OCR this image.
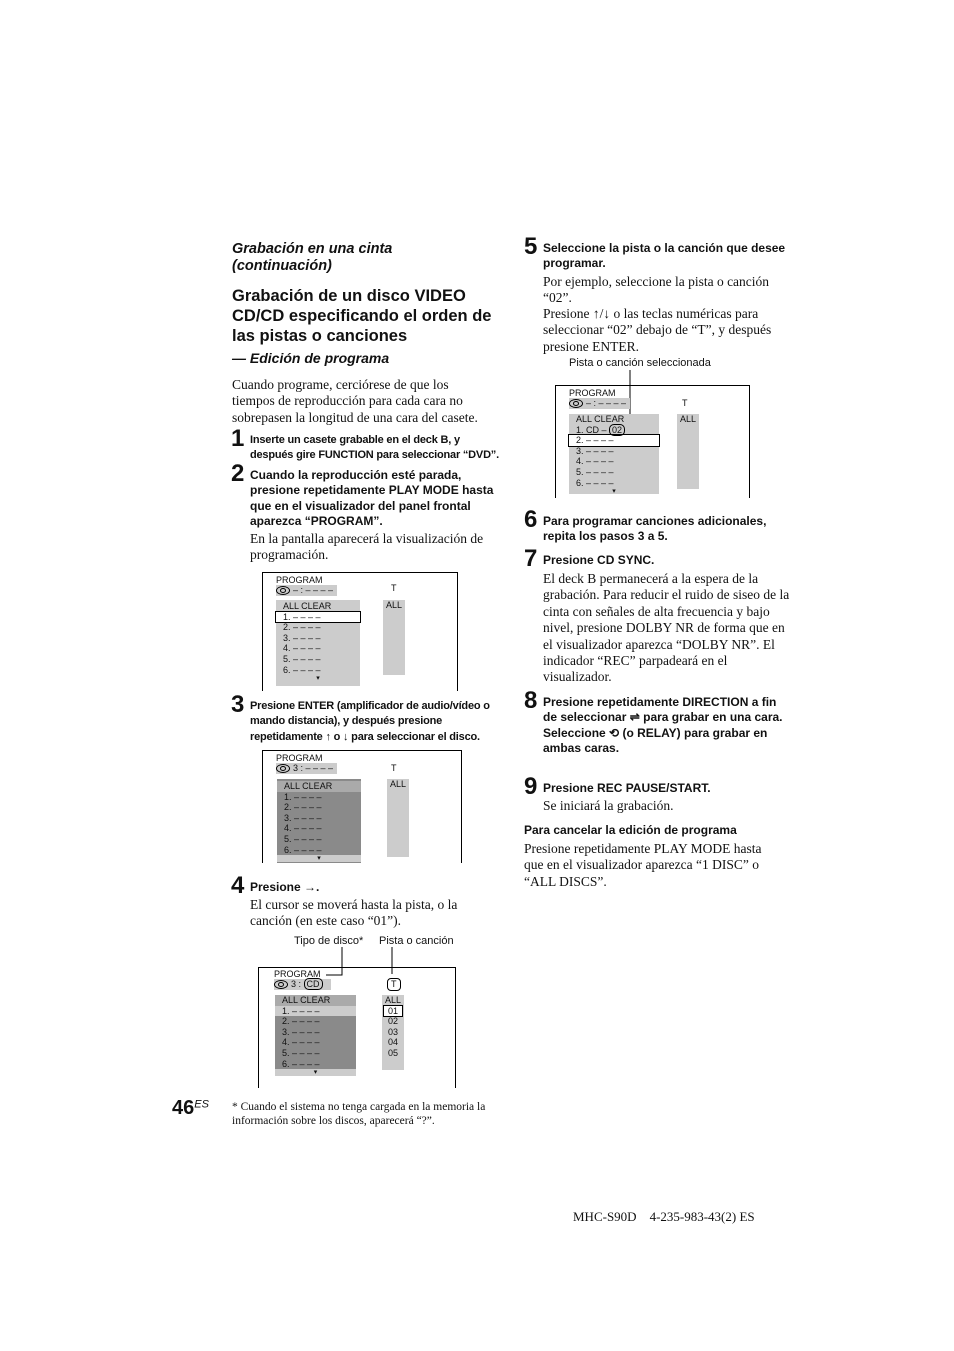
Grabación en una cinta (continuación)
Grabación de un disco VIDEO CD/CD especificando el orden de las pistas o canciones
— Edición de programa
Cuando programe, cerciórese de que los tiempos de reproducción para cada cara no sobrepasen la longitud de una cara del casete.
1 Inserte un casete grabable en el deck B, y después gire FUNCTION para seleccionar “DVD”.
2 Cuando la reproducción esté parada, presione repetidamente PLAY MODE hasta que en el visualizador del panel frontal aparezca “PROGRAM”.
En la pantalla aparecerá la visualización de programación.
PROGRAM
– : – – – –	T
ALL CLEAR
1. – – – –
2. – – – –
3. – – – –
4. – – – –
5. – – – –
6. – – – –
▾
ALL
3 Presione ENTER (amplificador de audio/vídeo o mando distancia), y después presione repetidamente ↑ o ↓ para seleccionar el disco.
PROGRAM
3 : – – – –	T
ALL CLEAR
1. – – – –
2. – – – –
3. – – – –
4. – – – –
5. – – – –
6. – – – –
▾
ALL
4 Presione →.
El cursor se moverá hasta la pista, o la canción (en este caso “01”).
Tipo de disco* Pista o canción
PROGRAM
3 : CD	T
ALL CLEAR
1. – – – –
2. – – – –
3. – – – –
4. – – – –
5. – – – –
6. – – – –
▾
ALL
01
02
03
04
05
$46^{ES}$ * Cuando el sistema no tenga cargada en la memoria la información sobre los discos, aparecerá “?”.
5 Seleccione la pista o la canción que desee programar.
Por ejemplo, seleccione la pista o canción “02”.
Presione ↑/↓ o las teclas numéricas para seleccionar “02” debajo de “T”, y después presione ENTER.
Pista o canción seleccionada
PROGRAM
– : – – – –	T
ALL CLEAR
1. CD – 02
2. – – – –
3. – – – –
4. – – – –
5. – – – –
6. – – – –
▾
ALL
6 Para programar canciones adicionales, repita los pasos 3 a 5.
7 Presione CD SYNC.
El deck B permanecerá a la espera de la grabación. Para reducir el ruido de siseo de la cinta con señales de alta frecuencia y bajo nivel, presione DOLBY NR de forma que en el visualizador aparezca “DOLBY NR”. El indicador “REC” parpadeará en el visualizador.
8 Presione repetidamente DIRECTION a fin de seleccionar ⇌ para grabar en una cara.
Seleccione ⟲ (o RELAY) para grabar en ambas caras.
9 Presione REC PAUSE/START.
Se iniciará la grabación.
Para cancelar la edición de programa
Presione repetidamente PLAY MODE hasta que en el visualizador aparezca “1 DISC” o “ALL DISCS”.
MHC-S90D    4-235-983-43(2) ES
